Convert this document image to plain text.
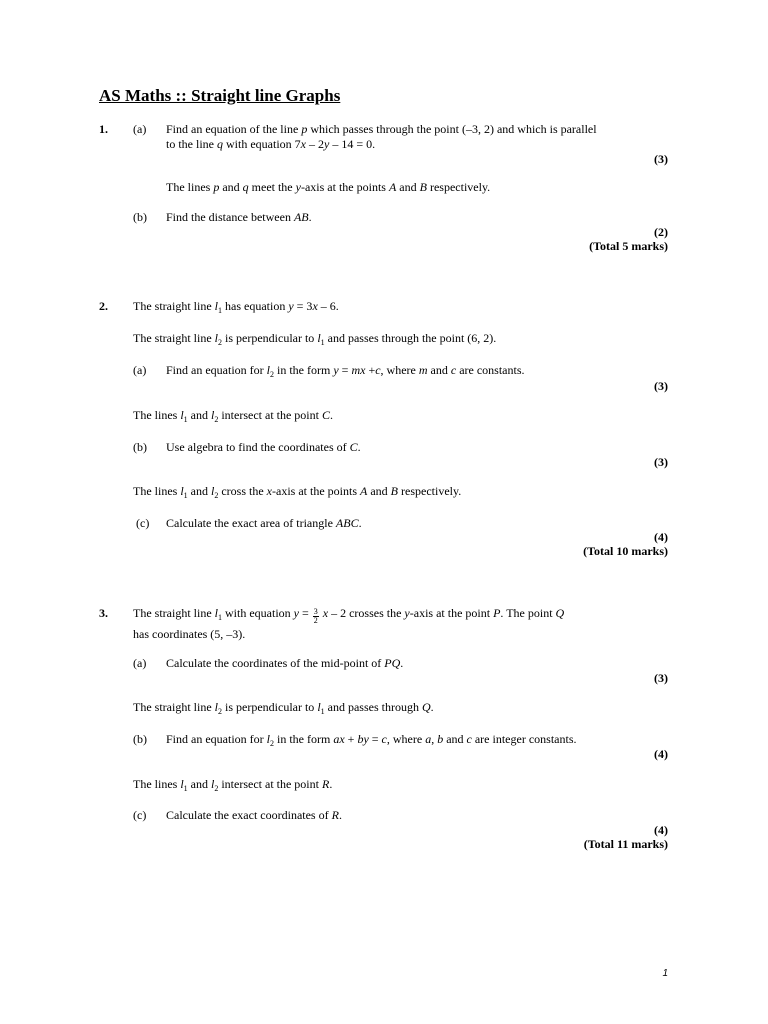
AS Maths :: Straight line Graphs
1. (a) Find an equation of the line p which passes through the point (–3, 2) and which is parallel
to the line q with equation 7x – 2y – 14 = 0.
(3)
The lines p and q meet the y-axis at the points A and B respectively.
(b) Find the distance between AB.
(2)
(Total 5 marks)
2. The straight line $l_1$ has equation y = 3x – 6.
The straight line $l_2$ is perpendicular to $l_1$ and passes through the point (6, 2).
(a) Find an equation for $l_2$ in the form y = mx +c, where m and c are constants.
(3)
The lines $l_1$ and $l_2$ intersect at the point C.
(b) Use algebra to find the coordinates of C.
(3)
The lines $l_1$ and $l_2$ cross the x-axis at the points A and B respectively.
(c) Calculate the exact area of triangle ABC.
(4)
(Total 10 marks)
3. The straight line $l_1$ with equation $y = \frac{3}{2}$ x – 2 crosses the y-axis at the point P. The point Q
has coordinates (5, –3).
(a) Calculate the coordinates of the mid-point of PQ.
(3)
The straight line $l_2$ is perpendicular to $l_1$ and passes through Q.
(b) Find an equation for $l_2$ in the form ax + by = c, where a, b and c are integer constants.
(4)
The lines $l_1$ and $l_2$ intersect at the point R.
(c) Calculate the exact coordinates of R.
(4)
(Total 11 marks)
1
